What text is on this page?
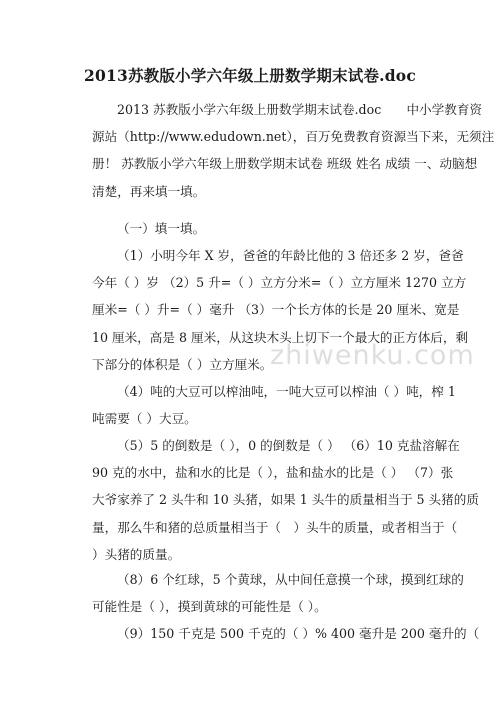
2013苏教版小学六年级上册数学期末试卷.doc

2013 苏教版小学六年级上册数学期末试卷.doc　　中小学教育资
源站（http://www.edudown.net），百万免费教育资源当下来，无须注
册！ 苏教版小学六年级上册数学期末试卷 班级 姓名 成绩 一、动脑想
清楚，再来填一填。

（一）填一填。

（1）小明今年 X 岁，爸爸的年龄比他的 3 倍还多 2 岁，爸爸
今年（ ）岁 （2）5 升=（ ）立方分米=（ ）立方厘米 1270 立方
厘米=（ ）升=（ ）毫升 （3）一个长方体的长是 20 厘米、宽是
10 厘米，高是 8 厘米，从这块木头上切下一个最大的正方体后，剩
下部分的体积是（ ）立方厘米。

（4）吨的大豆可以榨油吨，一吨大豆可以榨油（ ）吨，榨 1
吨需要（ ）大豆。

（5）5 的倒数是（ ），0 的倒数是（ ） （6）10 克盐溶解在
90 克的水中，盐和水的比是（ ），盐和盐水的比是（ ） （7）张
大爷家养了 2 头牛和 10 头猪，如果 1 头牛的质量相当于 5 头猪的质
量，那么牛和猪的总质量相当于（　）头牛的质量，或者相当于（
）头猪的质量。

（8）6 个红球，5 个黄球，从中间任意摸一个球，摸到红球的
可能性是（ ），摸到黄球的可能性是（ ）。

（9）150 千克是 500 千克的（ ）% 400 毫升是 200 毫升的（

zhiwenku.com
